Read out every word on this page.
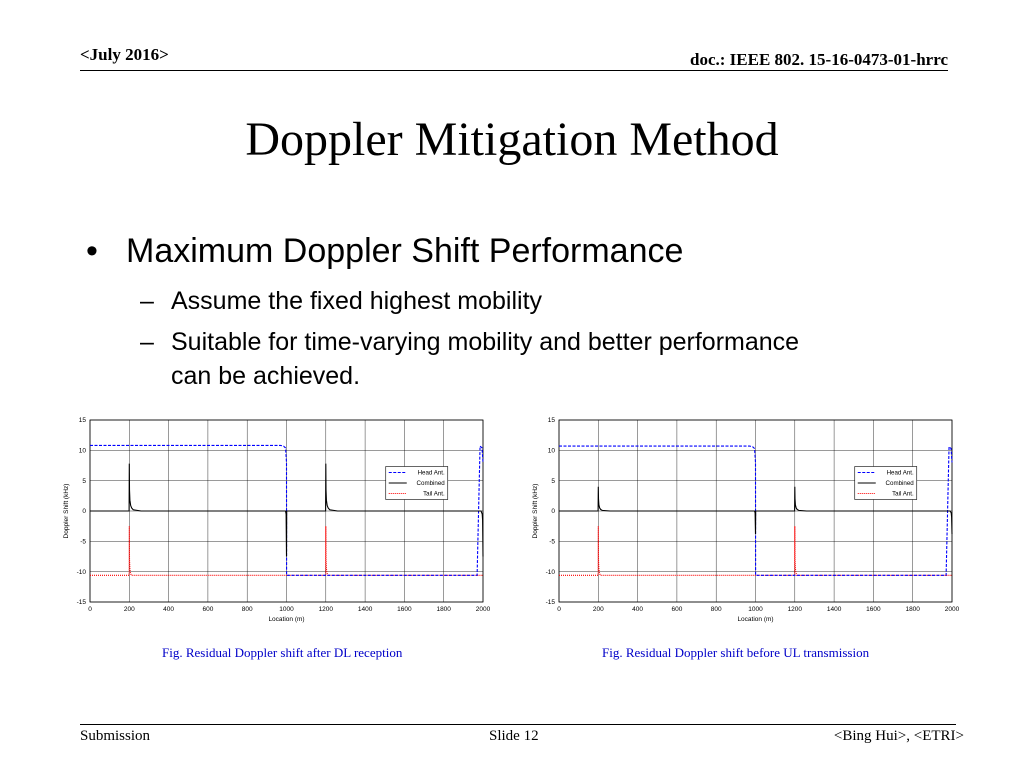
<July 2016>	doc.: IEEE 802. 15-16-0473-01-hrrc
Doppler Mitigation Method
• Maximum Doppler Shift Performance
– Assume the fixed highest mobility
– Suitable for time-varying mobility and better performance
can be achieved.
0	200	400	600	800	1000	1200	1400	1600	1800	2000
-15
-10
-5
0
5
10
15
Location (m)
Doppler Shift (kHz)
Head Ant.
Combined
Tail Ant.
0	200	400	600	800	1000	1200	1400	1600	1800	2000
-15
-10
-5
0
5
10
15
Location (m)
Doppler Shift (kHz)
Head Ant.
Combined
Tail Ant.
Fig. Residual Doppler shift after DL reception	Fig. Residual Doppler shift before UL transmission
Submission	Slide 12	<Bing Hui>, <ETRI>
